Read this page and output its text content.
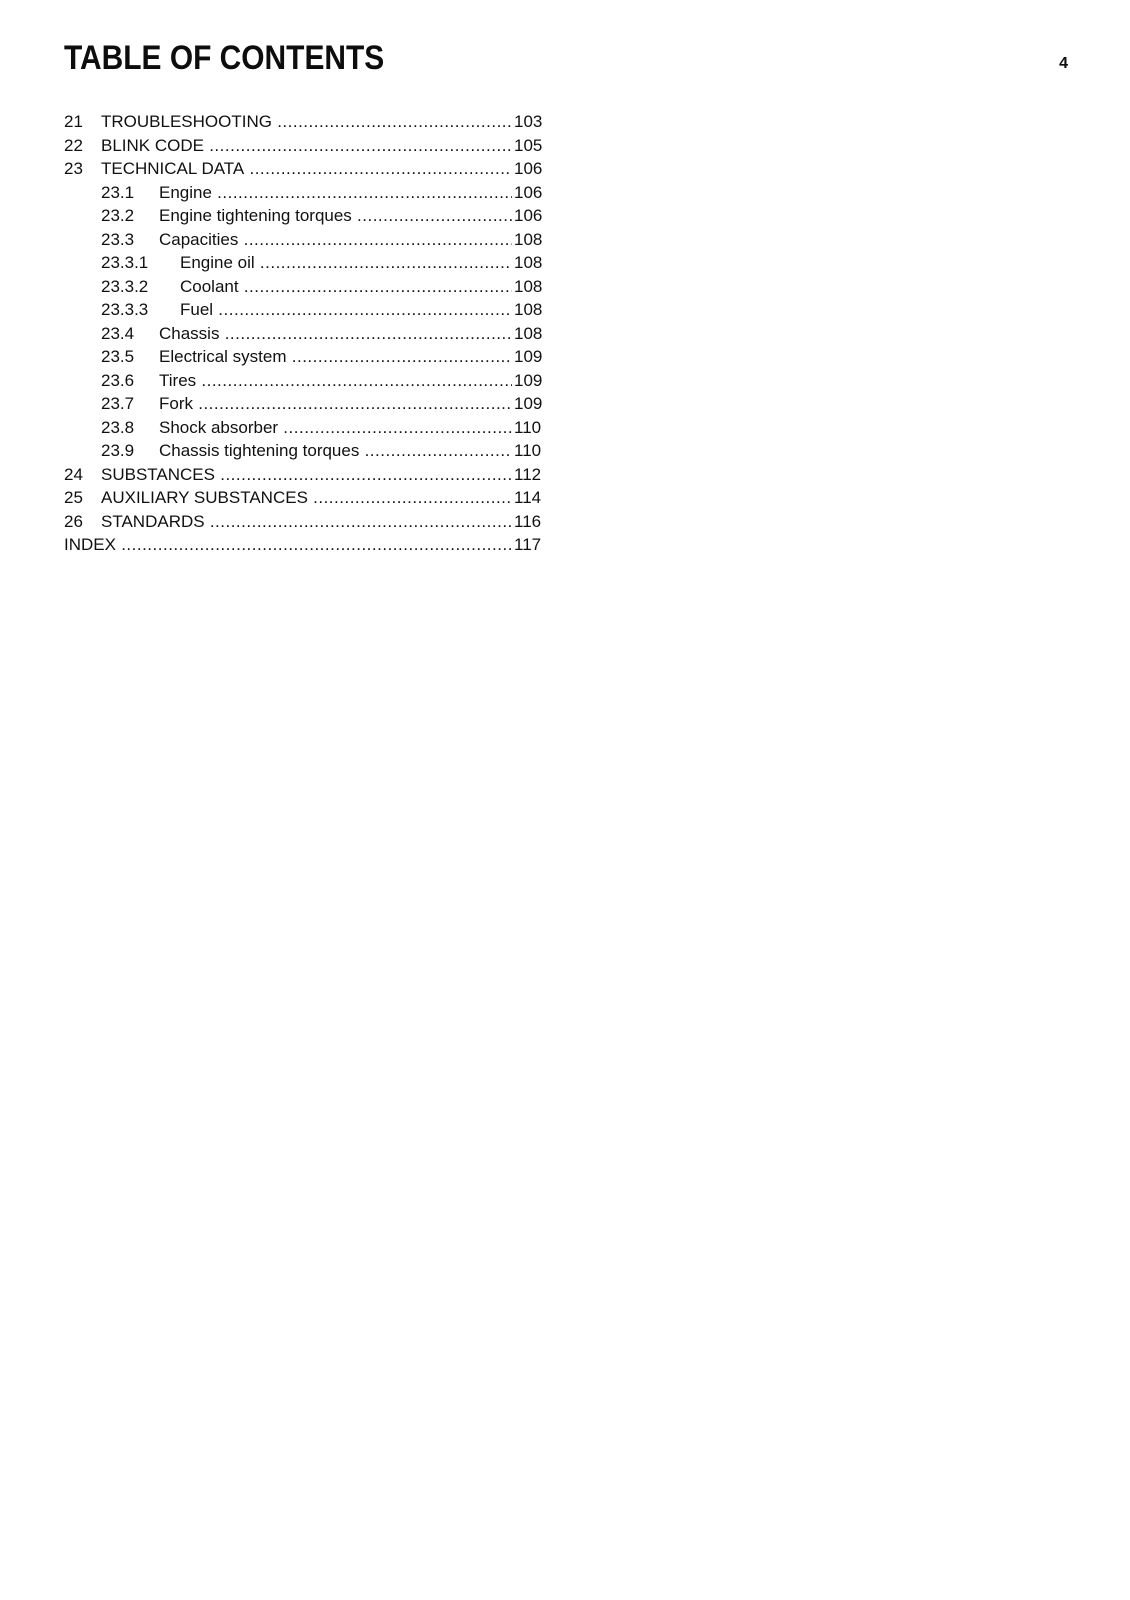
TABLE OF CONTENTS	4
21 TROUBLESHOOTING .....	103
22 BLINK CODE .....	105
23 TECHNICAL DATA .....	106
23.1 Engine .....	106
23.2 Engine tightening torques .....	106
23.3 Capacities .....	108
23.3.1 Engine oil .....	108
23.3.2 Coolant .....	108
23.3.3 Fuel .....	108
23.4 Chassis .....	108
23.5 Electrical system .....	109
23.6 Tires .....	109
23.7 Fork .....	109
23.8 Shock absorber .....	110
23.9 Chassis tightening torques .....	110
24 SUBSTANCES .....	112
25 AUXILIARY SUBSTANCES .....	114
26 STANDARDS .....	116
INDEX .....	117
